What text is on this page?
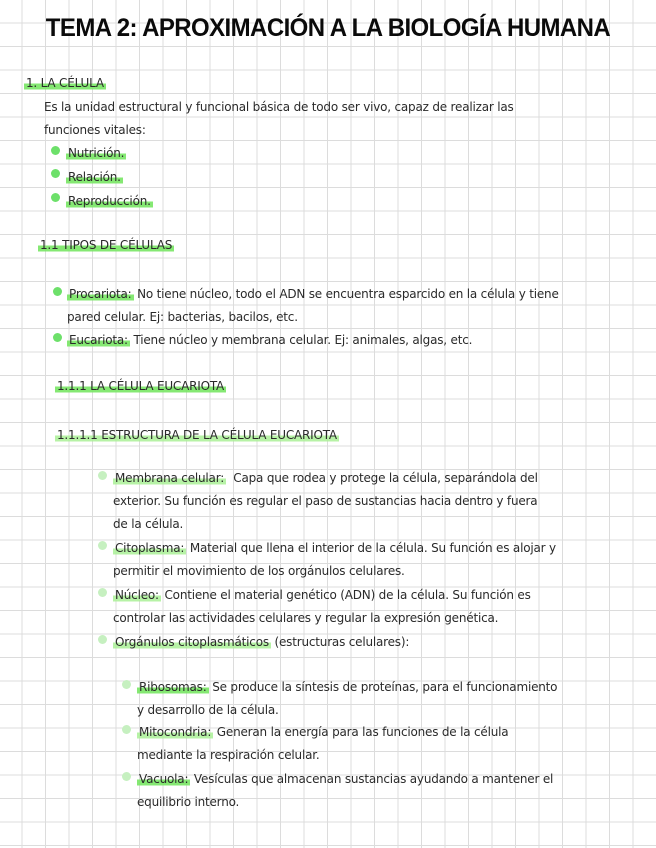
TEMA 2: APROXIMACIÓN A LA BIOLOGÍA HUMANA
1. LA CÉLULA
Es la unidad estructural y funcional básica de todo ser vivo, capaz de realizar las
funciones vitales:
Nutrición.
Relación.
Reproducción.
1.1 TIPOS DE CÉLULAS
Procariota: No tiene núcleo, todo el ADN se encuentra esparcido en la célula y tiene
pared celular. Ej: bacterias, bacilos, etc.
Eucariota: Tiene núcleo y membrana celular. Ej: animales, algas, etc.
1.1.1 LA CÉLULA EUCARIOTA
1.1.1.1 ESTRUCTURA DE LA CÉLULA EUCARIOTA
Membrana celular:  Capa que rodea y protege la célula, separándola del
exterior. Su función es regular el paso de sustancias hacia dentro y fuera
de la célula.
Citoplasma: Material que llena el interior de la célula. Su función es alojar y
permitir el movimiento de los orgánulos celulares.
Núcleo: Contiene el material genético (ADN) de la célula. Su función es
controlar las actividades celulares y regular la expresión genética.
Orgánulos citoplasmáticos (estructuras celulares):
Ribosomas: Se produce la síntesis de proteínas, para el funcionamiento
y desarrollo de la célula.
Mitocondria: Generan la energía para las funciones de la célula
mediante la respiración celular.
Vacuola: Vesículas que almacenan sustancias ayudando a mantener el
equilibrio interno.
